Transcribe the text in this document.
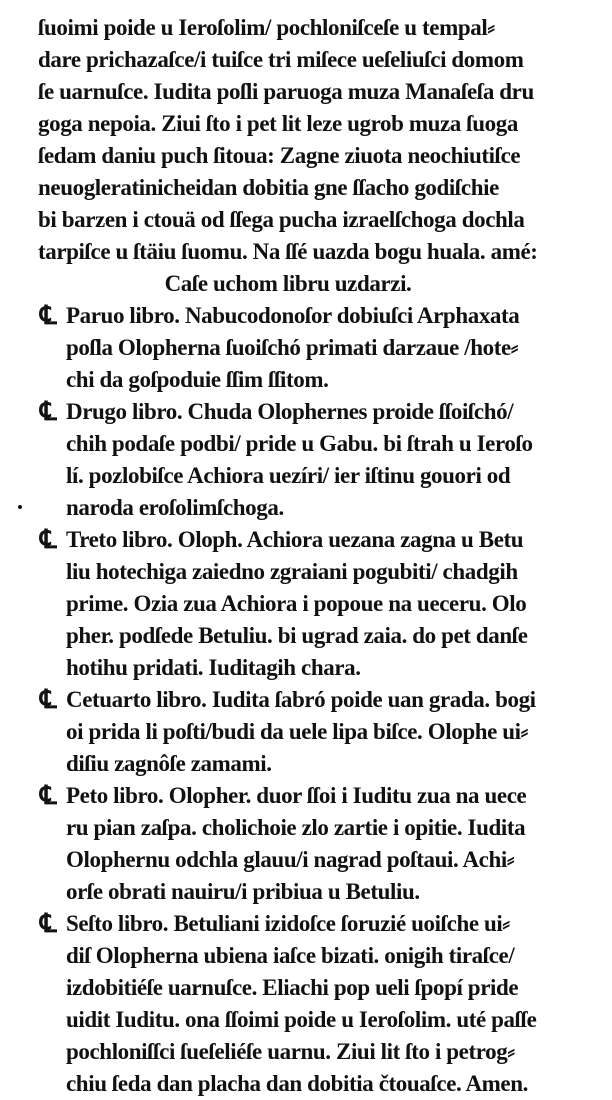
ſuoimi poide u Ieroſolim/ pochloniſceſe u tempal⸗
dare prichazaſce/i tuiſce tri miſece ueſeliuſci domom
ſe uarnuſce. Iudita poſli paruoga muza Manaſeſa dru
goga nepoia. Ziui ſto i pet lit leze ugrob muza ſuoga
ſedam daniu puch ſitoua: Zagne ziuota neochiutiſce
neuogleratinicheidan dobitia gne ſſacho godiſchie
bi barzen i ctouä od ſſega pucha izraelſchoga dochla
tarpiſce u ſtäiu ſuomu. Na ſſé uazda bogu huala. amé:
Caſe uchom libru uzdarzi.
℄ Paruo libro. Nabucodonoſor dobiuſci Arphaxata
poſla Olopherna ſuoiſchó primati darzaue /hote⸗
chi da goſpoduie ſſim ſſitom.
℄ Drugo libro. Chuda Olophernes proide ſſoiſchó/
chih podaſe podbi/ pride u Gabu. bi ſtrah u Ieroſo
lí. pozlobiſce Achiora uezíri/ ier iſtinu gouori od
naroda eroſolimſchoga.
℄ Treto libro. Oloph. Achiora uezana zagna u Betu
liu hotechiga zaiedno zgraiani pogubiti/ chadgih
prime. Ozia zua Achiora i popoue na ueceru. Olo
pher. podſede Betuliu. bi ugrad zaia. do pet danſe
hotihu pridati. Iuditagih chara.
℄ Cetuarto libro. Iudita ſabró poide uan grada. bogi
oi prida li poſti/budi da uele lipa biſce. Olophe ui⸗
diſiu zagnôſe zamami.
℄ Peto libro. Olopher. duor ſſoi i Iuditu zua na uece
ru pian zaſpa. cholichoie zlo zartie i opitie. Iudita
Olophernu odchla glauu/i nagrad poſtaui. Achi⸗
orſe obrati nauiru/i pribiua u Betuliu.
℄ Seſto libro. Betuliani izidoſce ſoruzié uoiſche ui⸗
diſ Olopherna ubiena iaſce bizati. onigih tiraſce/
izdobitiéſe uarnuſce. Eliachi pop ueli ſpopí pride
uidit Iuditu. ona ſſoimi poide u Ieroſolim. uté paſſe
pochloniſſci ſueſeliéſe uarnu. Ziui lit ſto i petrog⸗
chiu ſeda dan placha dan dobitia čtouaſce. Amen.
